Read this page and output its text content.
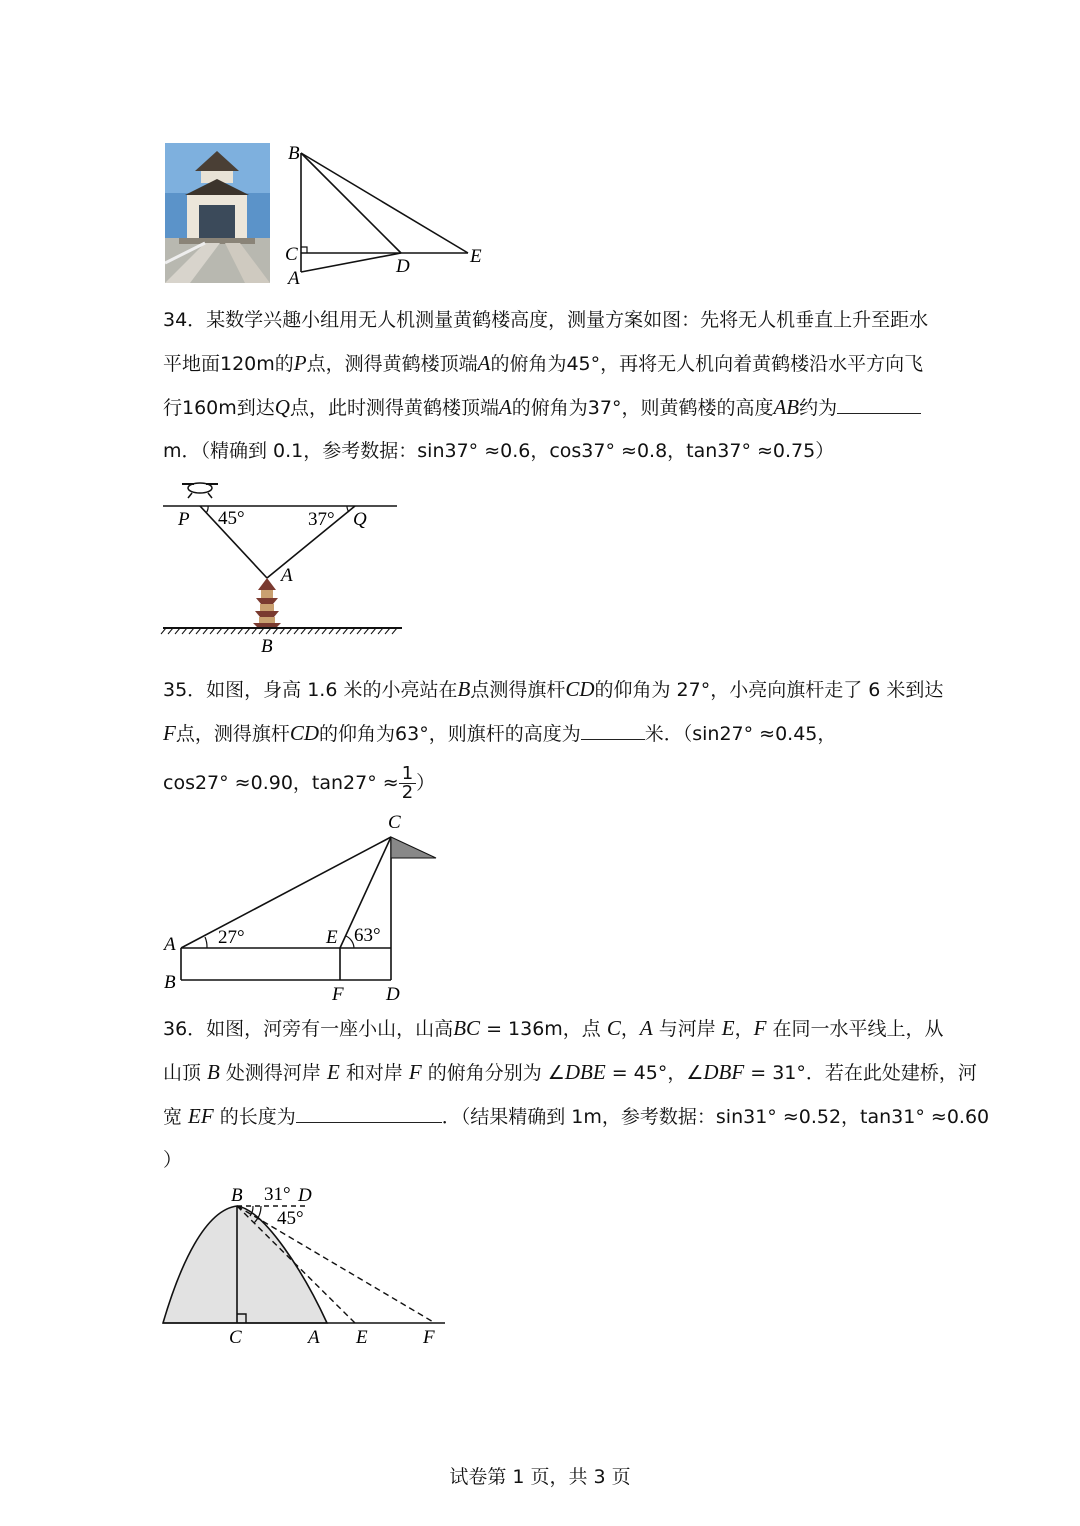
B
C
A
D	E
34．某数学兴趣小组用无人机测量黄鹤楼高度，测量方案如图：先将无人机垂直上升至距水
平地面120m的P点，测得黄鹤楼顶端A的俯角为45°，再将无人机向着黄鹤楼沿水平方向飞
行160m到达Q点，此时测得黄鹤楼顶端A的俯角为37°，则黄鹤楼的高度AB约为
m．（精确到 0.1，参考数据：sin37° ≈0.6，cos37° ≈0.8，tan37° ≈0.75）
P 45°	37° Q
A
B
35．如图，身高 1.6 米的小亮站在B点测得旗杆CD的仰角为 27°，小亮向旗杆走了 6 米到达
F点，测得旗杆CD的仰角为63°，则旗杆的高度为	米．（sin27° ≈0.45，
cos27° ≈0.90，$\tan 27^\circ \approx \frac{1}{2}$ ）
C
A 27°	E 63°
B
F D
36．如图，河旁有一座小山，山高BC = 136m，点 C，A 与河岸 E，F 在同一水平线上，从
山顶 B 处测得河岸 E 和对岸 F 的俯角分别为 ∠DBE = 45°，∠DBF = 31°．若在此处建桥，河
宽 EF 的长度为	．（结果精确到 1m，参考数据：sin31° ≈0.52，tan31° ≈0.60
）
B 31°
45°
D
C	A E	F
试卷第 1 页，共 3 页
